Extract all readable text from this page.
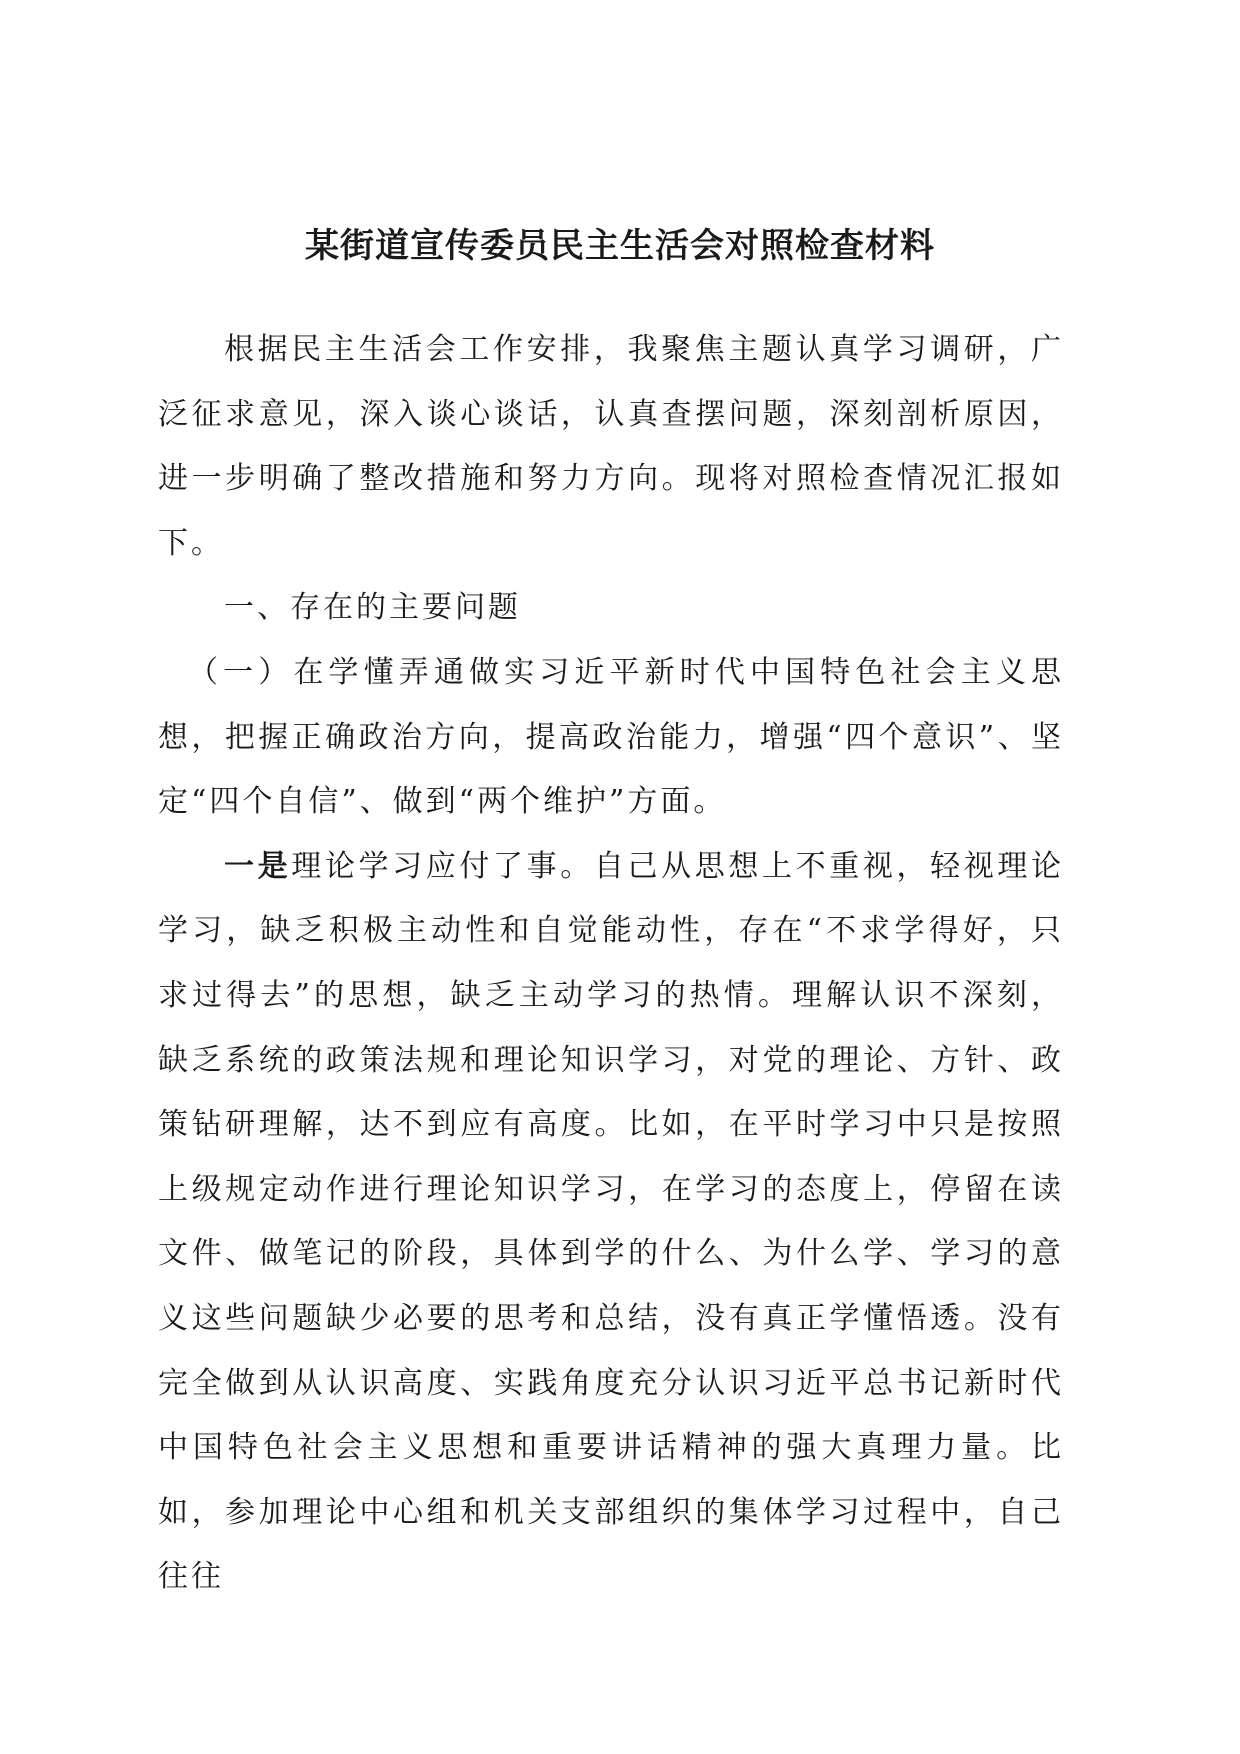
某街道宣传委员民主生活会对照检查材料

根据民主生活会工作安排，我聚焦主题认真学习调研，广泛征求意见，深入谈心谈话，认真查摆问题，深刻剖析原因，进一步明确了整改措施和努力方向。现将对照检查情况汇报如下。

一、存在的主要问题

（一）在学懂弄通做实习近平新时代中国特色社会主义思想，把握正确政治方向，提高政治能力，增强“四个意识”、坚定“四个自信”、做到“两个维护”方面。

一是理论学习应付了事。自己从思想上不重视，轻视理论学习，缺乏积极主动性和自觉能动性，存在“不求学得好，只求过得去”的思想，缺乏主动学习的热情。理解认识不深刻，缺乏系统的政策法规和理论知识学习，对党的理论、方针、政策钻研理解，达不到应有高度。比如，在平时学习中只是按照上级规定动作进行理论知识学习，在学习的态度上，停留在读文件、做笔记的阶段，具体到学的什么、为什么学、学习的意义这些问题缺少必要的思考和总结，没有真正学懂悟透。没有完全做到从认识高度、实践角度充分认识习近平总书记新时代中国特色社会主义思想和重要讲话精神的强大真理力量。比如，参加理论中心组和机关支部组织的集体学习过程中，自己往往
